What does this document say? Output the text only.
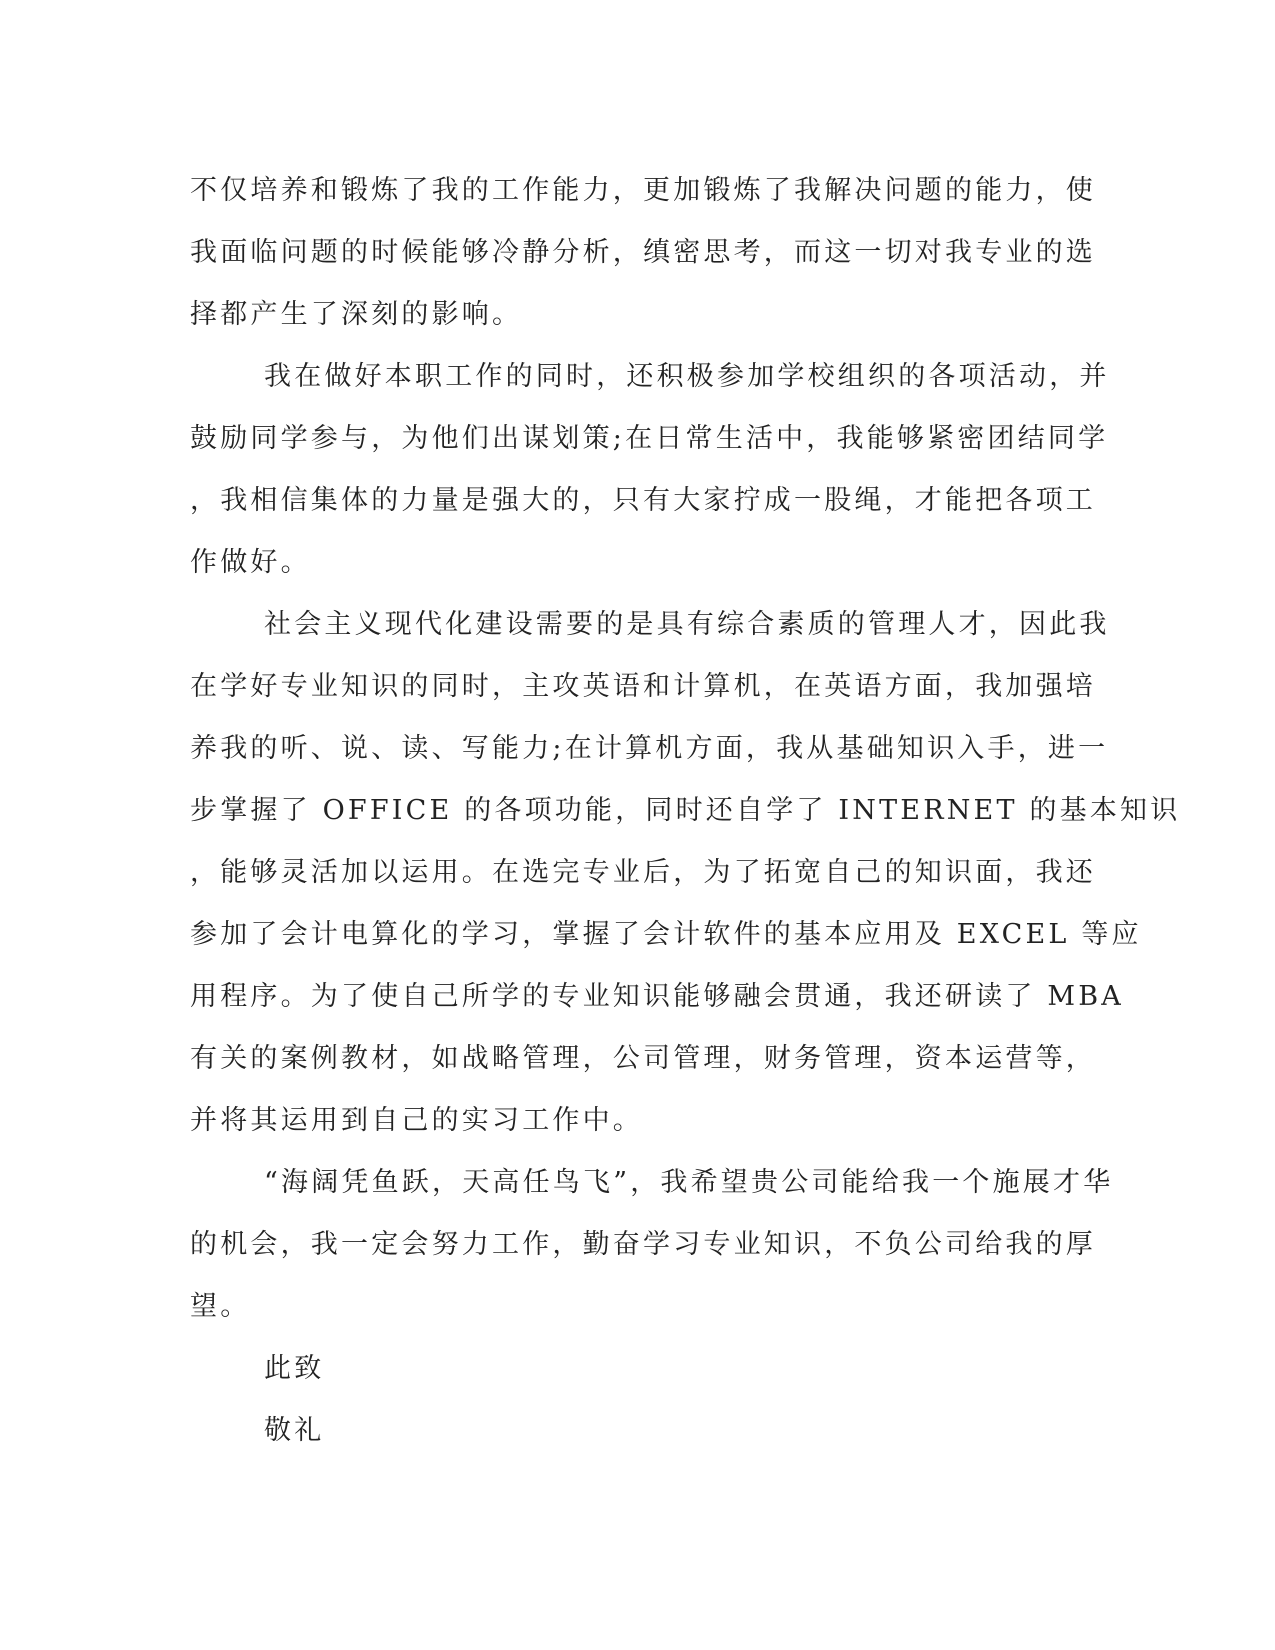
不仅培养和锻炼了我的工作能力，更加锻炼了我解决问题的能力，使
我面临问题的时候能够冷静分析，缜密思考，而这一切对我专业的选
择都产生了深刻的影响。
我在做好本职工作的同时，还积极参加学校组织的各项活动，并
鼓励同学参与，为他们出谋划策;在日常生活中，我能够紧密团结同学
，我相信集体的力量是强大的，只有大家拧成一股绳，才能把各项工
作做好。
社会主义现代化建设需要的是具有综合素质的管理人才，因此我
在学好专业知识的同时，主攻英语和计算机，在英语方面，我加强培
养我的听、说、读、写能力;在计算机方面，我从基础知识入手，进一
步掌握了 OFFICE 的各项功能，同时还自学了 INTERNET 的基本知识
，能够灵活加以运用。在选完专业后，为了拓宽自己的知识面，我还
参加了会计电算化的学习，掌握了会计软件的基本应用及 EXCEL 等应
用程序。为了使自己所学的专业知识能够融会贯通，我还研读了 MBA
有关的案例教材，如战略管理，公司管理，财务管理，资本运营等，
并将其运用到自己的实习工作中。
“海阔凭鱼跃，天高任鸟飞”，我希望贵公司能给我一个施展才华
的机会，我一定会努力工作，勤奋学习专业知识，不负公司给我的厚
望。
此致
敬礼
